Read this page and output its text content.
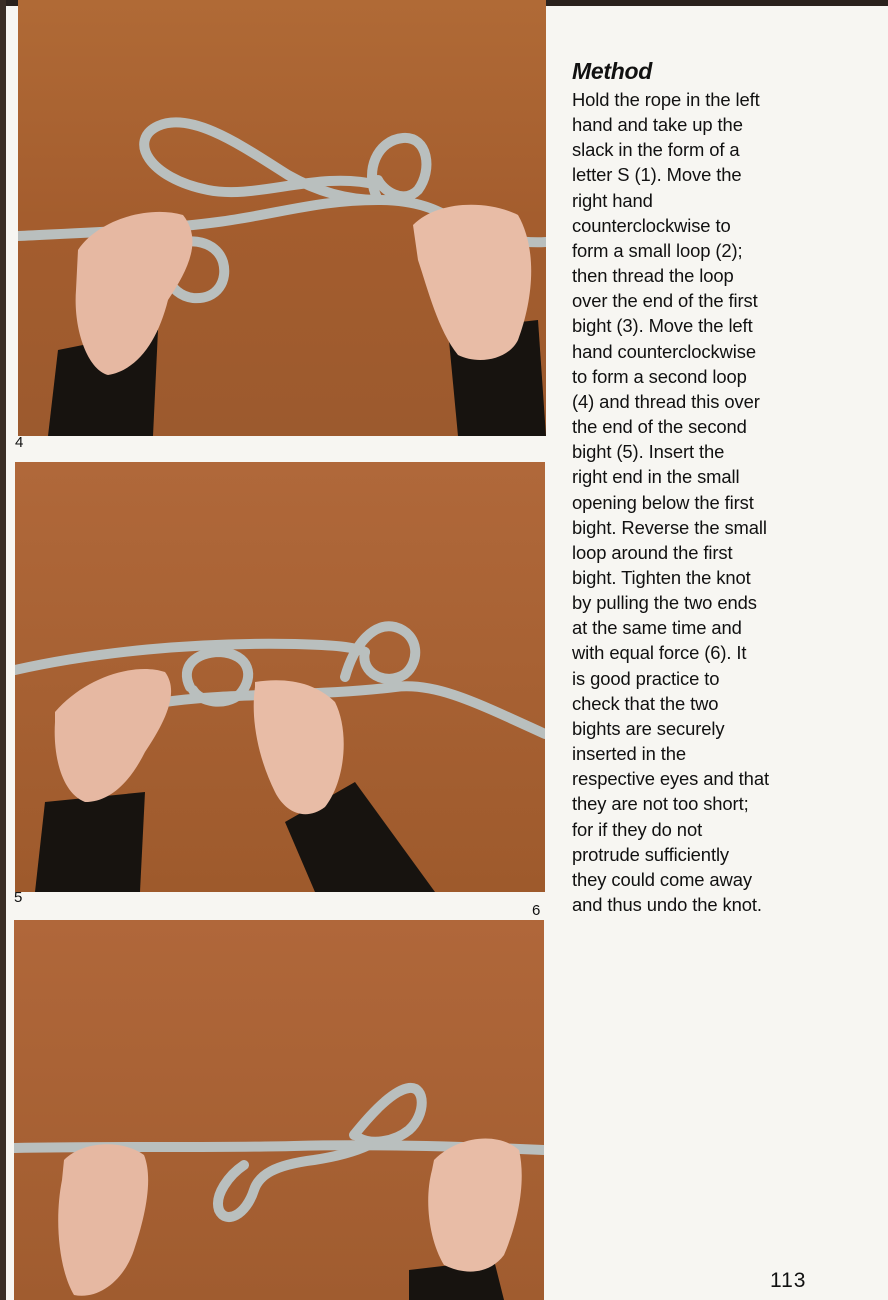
4
5
6
Method

Hold the rope in the left
hand and take up the
slack in the form of a
letter S (1). Move the
right hand
counterclockwise to
form a small loop (2);
then thread the loop
over the end of the first
bight (3). Move the left
hand counterclockwise
to form a second loop
(4) and thread this over
the end of the second
bight (5). Insert the
right end in the small
opening below the first
bight. Reverse the small
loop around the first
bight. Tighten the knot
by pulling the two ends
at the same time and
with equal force (6). It
is good practice to
check that the two
bights are securely
inserted in the
respective eyes and that
they are not too short;
for if they do not
protrude sufficiently
they could come away
and thus undo the knot.

113
